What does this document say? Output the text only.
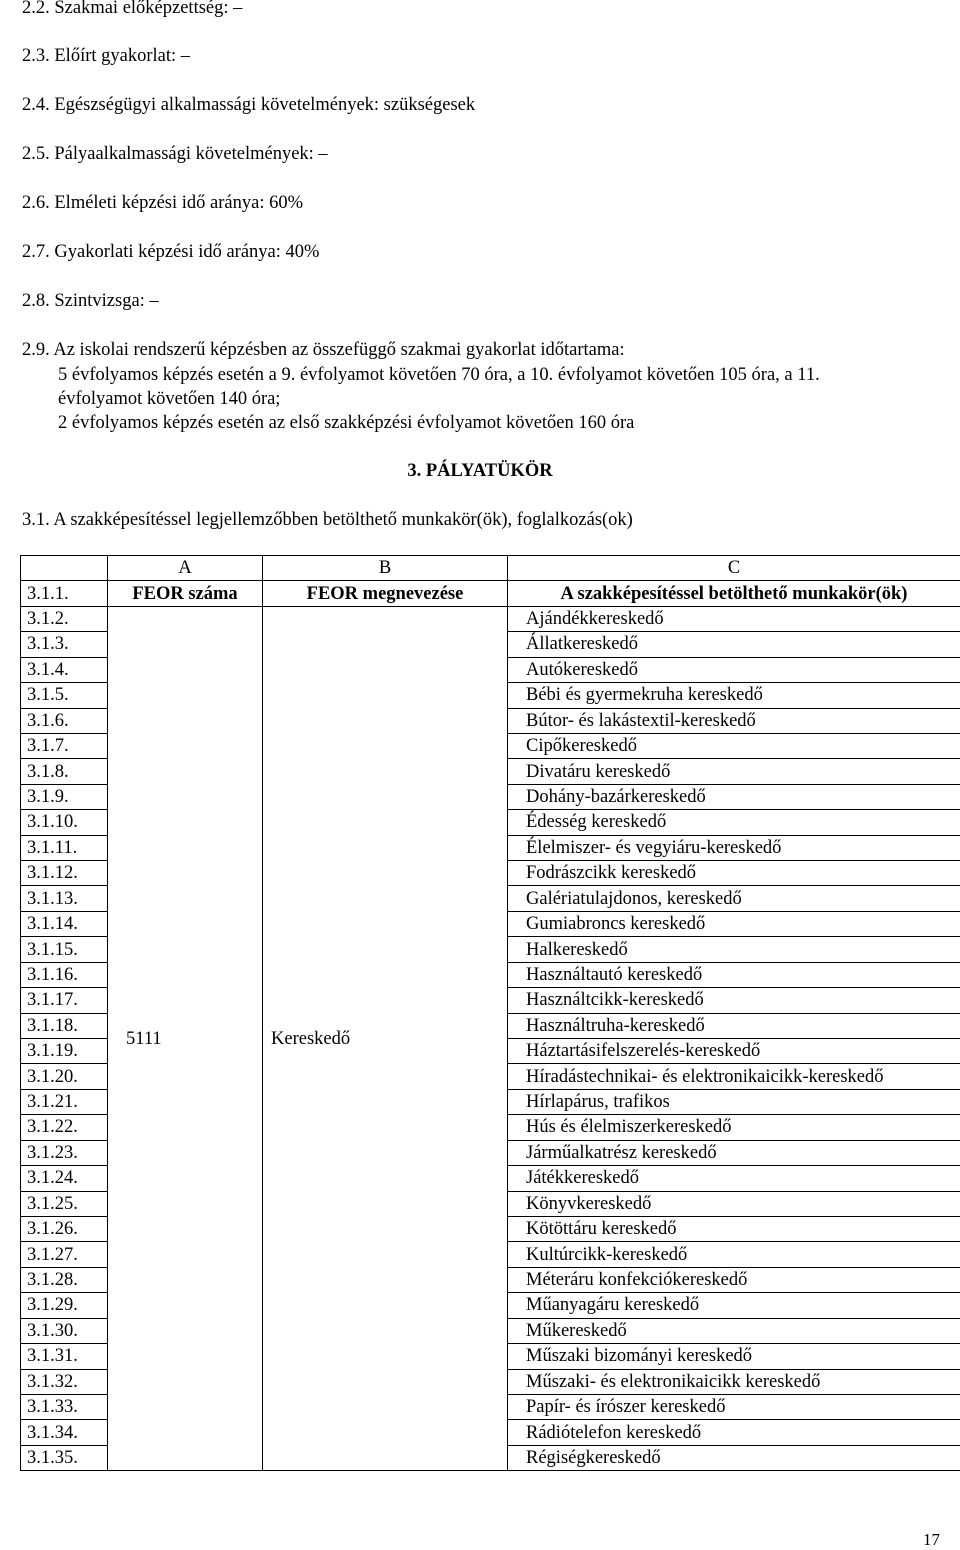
2.2. Szakmai előképzettség: –
2.3. Előírt gyakorlat: –
2.4. Egészségügyi alkalmassági követelmények: szükségesek
2.5. Pályaalkalmassági követelmények: –
2.6. Elméleti képzési idő aránya: 60%
2.7. Gyakorlati képzési idő aránya: 40%
2.8. Szintvizsga: –
2.9. Az iskolai rendszerű képzésben az összefüggő szakmai gyakorlat időtartama:
5 évfolyamos képzés esetén a 9. évfolyamot követően 70 óra, a 10. évfolyamot követően 105 óra, a 11.
évfolyamot követően 140 óra;
2 évfolyamos képzés esetén az első szakképzési évfolyamot követően 160 óra
3. PÁLYATÜKÖR
3.1. A szakképesítéssel legjellemzőbben betölthető munkakör(ök), foglalkozás(ok)
	A	B	C
3.1.1.	FEOR száma	FEOR megnevezése	A szakképesítéssel betölthető munkakör(ök)
3.1.2.	5111	Kereskedő	Ajándékkereskedő
3.1.3.			Állatkereskedő
3.1.4.			Autókereskedő
3.1.5.			Bébi és gyermekruha kereskedő
3.1.6.			Bútor- és lakástextil-kereskedő
3.1.7.			Cipőkereskedő
3.1.8.			Divatáru kereskedő
3.1.9.			Dohány-bazárkereskedő
3.1.10.			Édesség kereskedő
3.1.11.			Élelmiszer- és vegyiáru-kereskedő
3.1.12.			Fodrászcikk kereskedő
3.1.13.			Galériatulajdonos, kereskedő
3.1.14.			Gumiabroncs kereskedő
3.1.15.			Halkereskedő
3.1.16.			Használtautó kereskedő
3.1.17.			Használtcikk-kereskedő
3.1.18.			Használtruha-kereskedő
3.1.19.			Háztartásifelszerelés-kereskedő
3.1.20.			Híradástechnikai- és elektronikaicikk-kereskedő
3.1.21.			Hírlapárus, trafikos
3.1.22.			Hús és élelmiszerkereskedő
3.1.23.			Járműalkatrész kereskedő
3.1.24.			Játékkereskedő
3.1.25.			Könyvkereskedő
3.1.26.			Kötöttáru kereskedő
3.1.27.			Kultúrcikk-kereskedő
3.1.28.			Méteráru konfekciókereskedő
3.1.29.			Műanyagáru kereskedő
3.1.30.			Műkereskedő
3.1.31.			Műszaki bizományi kereskedő
3.1.32.			Műszaki- és elektronikaicikk kereskedő
3.1.33.			Papír- és írószer kereskedő
3.1.34.			Rádiótelefon kereskedő
3.1.35.			Régiségkereskedő
17
